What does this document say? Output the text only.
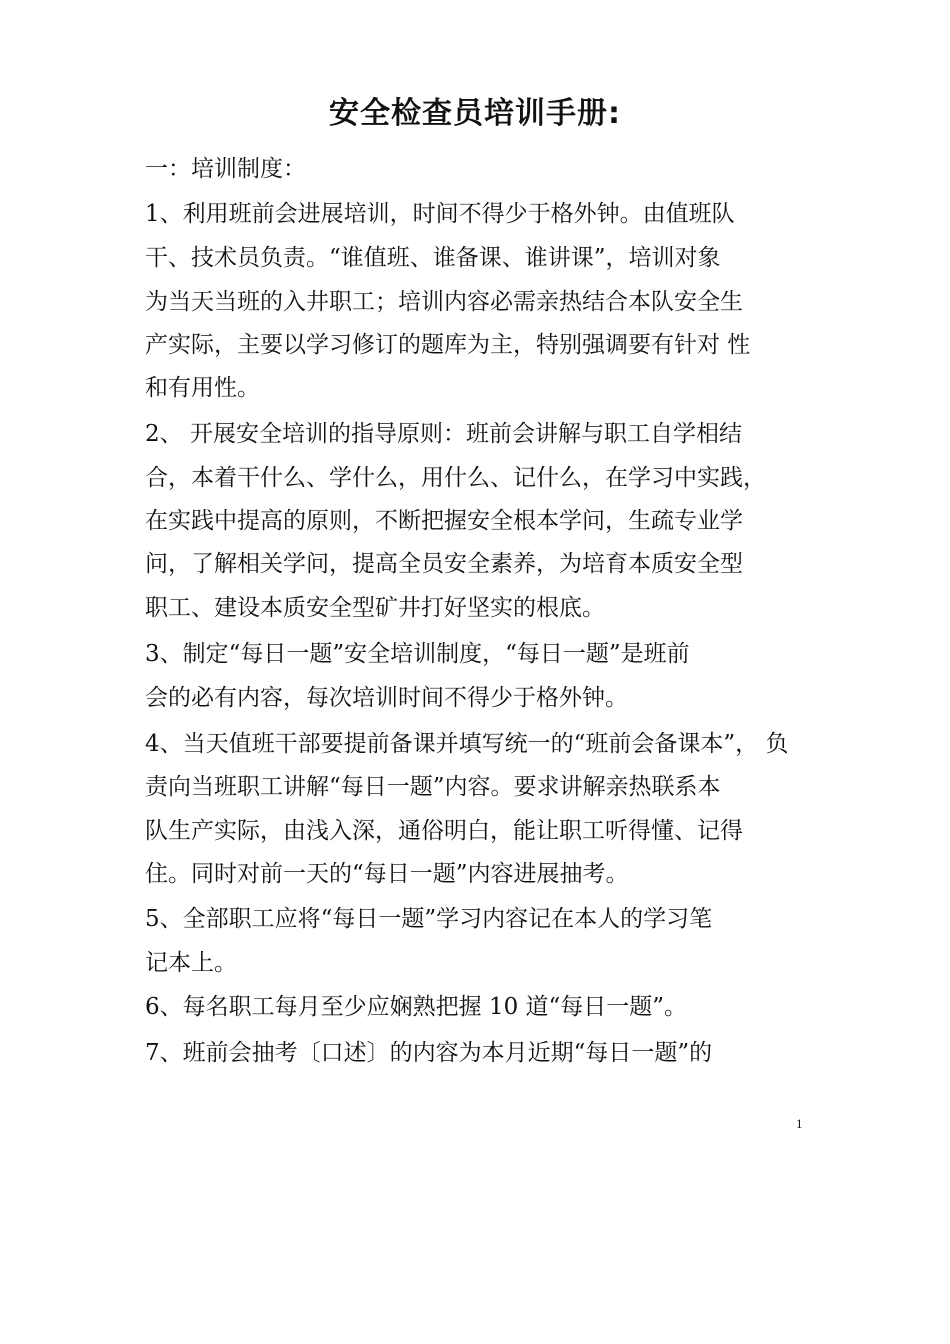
安全检查员培训手册:

一：培训制度：

1、利用班前会进展培训，时间不得少于格外钟。由值班队

干、技术员负责。“谁值班、谁备课、谁讲课”，培训对象

为当天当班的入井职工；培训内容必需亲热结合本队安全生

产实际，主要以学习修订的题库为主，特别强调要有针对 性

和有用性。

2、 开展安全培训的指导原则：班前会讲解与职工自学相结

合，本着干什么、学什么，用什么、记什么，在学习中实践，

在实践中提高的原则，不断把握安全根本学问，生疏专业学

问，了解相关学问，提高全员安全素养，为培育本质安全型

职工、建设本质安全型矿井打好坚实的根底。

3、制定“每日一题”安全培训制度，“每日一题”是班前

会的必有内容，每次培训时间不得少于格外钟。

4、当天值班干部要提前备课并填写统一的“班前会备课本”， 负

责向当班职工讲解“每日一题”内容。要求讲解亲热联系本

队生产实际，由浅入深，通俗明白，能让职工听得懂、记得

住。同时对前一天的“每日一题”内容进展抽考。

5、全部职工应将“每日一题”学习内容记在本人的学习笔

记本上。

6、每名职工每月至少应娴熟把握 10 道“每日一题”。

7、班前会抽考〔口述〕的内容为本月近期“每日一题”的

1
